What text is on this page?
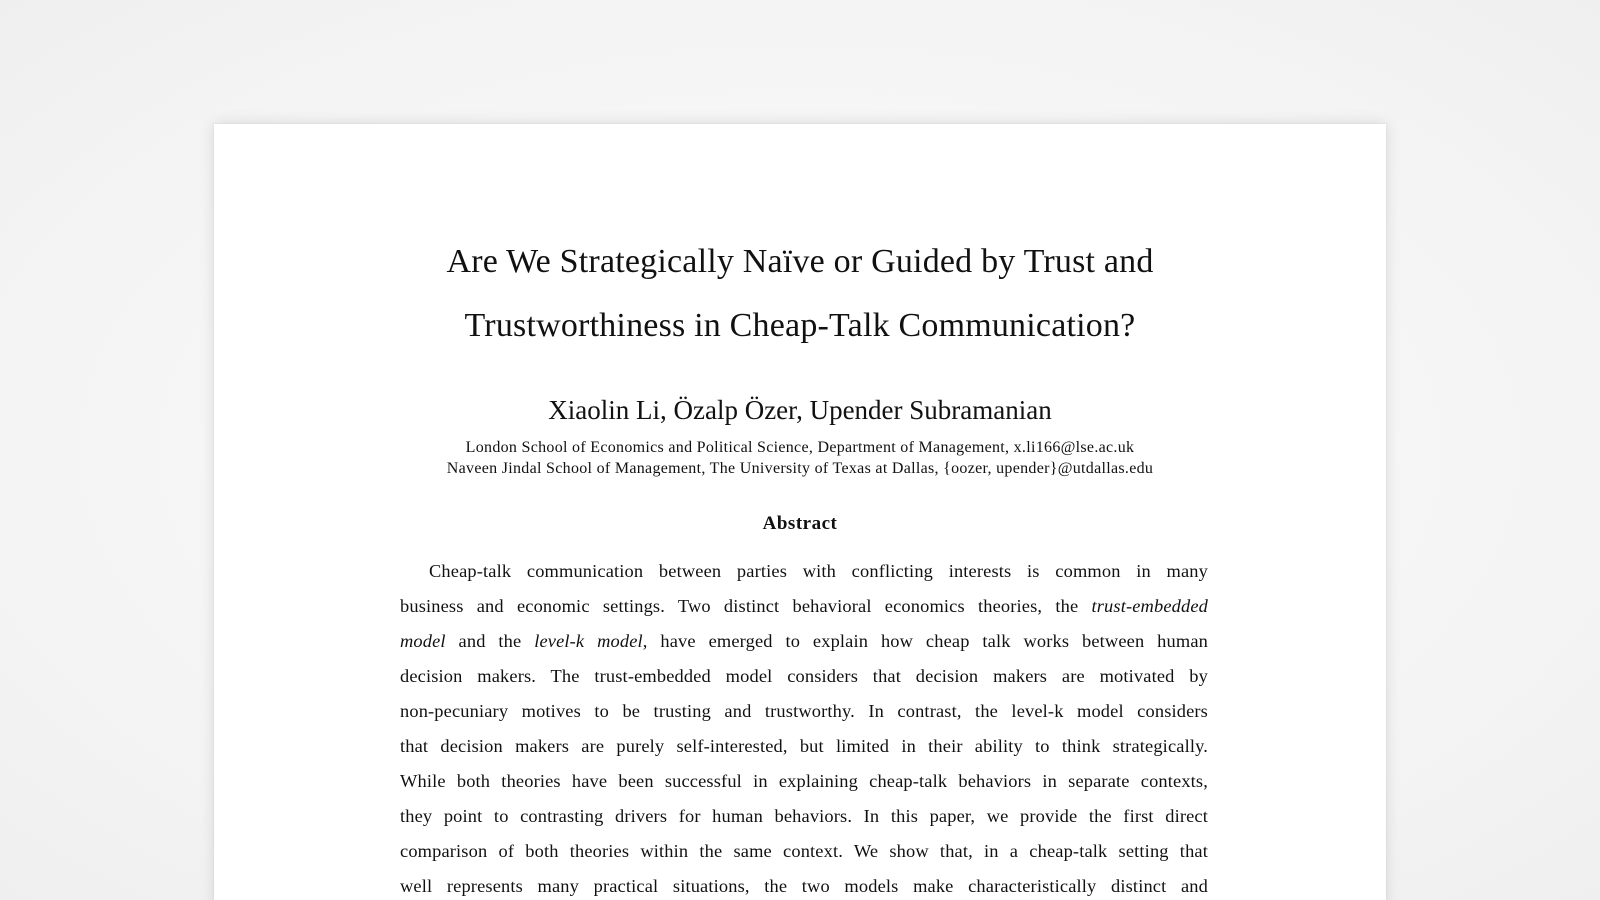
Are We Strategically Naïve or Guided by Trust and
Trustworthiness in Cheap-Talk Communication?
Xiaolin Li, Özalp Özer, Upender Subramanian
London School of Economics and Political Science, Department of Management, x.li166@lse.ac.uk
Naveen Jindal School of Management, The University of Texas at Dallas, {oozer, upender}@utdallas.edu
Abstract
Cheap-talk communication between parties with conflicting interests is common in many
business and economic settings. Two distinct behavioral economics theories, the trust-embedded
model and the level-k model, have emerged to explain how cheap talk works between human
decision makers. The trust-embedded model considers that decision makers are motivated by
non-pecuniary motives to be trusting and trustworthy. In contrast, the level-k model considers
that decision makers are purely self-interested, but limited in their ability to think strategically.
While both theories have been successful in explaining cheap-talk behaviors in separate contexts,
they point to contrasting drivers for human behaviors. In this paper, we provide the first direct
comparison of both theories within the same context. We show that, in a cheap-talk setting that
well represents many practical situations, the two models make characteristically distinct and
